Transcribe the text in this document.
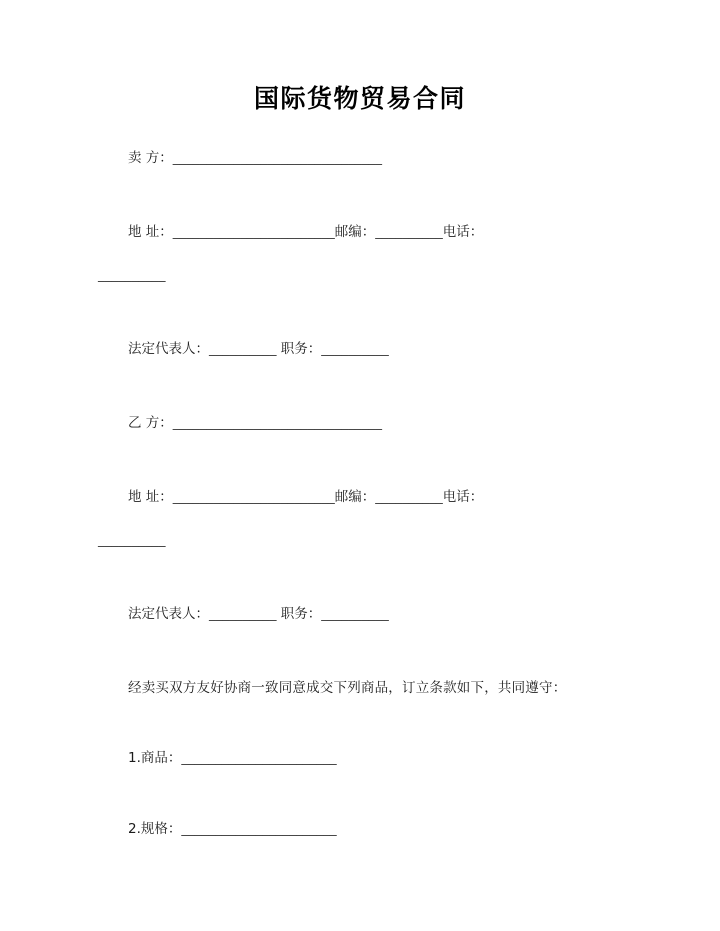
国际货物贸易合同
卖 方：_______________________________
地 址：________________________邮编：__________电话：
__________
法定代表人：__________ 职务：__________
乙 方：_______________________________
地 址：________________________邮编：__________电话：
__________
法定代表人：__________ 职务：__________
经卖买双方友好协商一致同意成交下列商品，订立条款如下，共同遵守：
1.商品：_______________________
2.规格：_______________________
